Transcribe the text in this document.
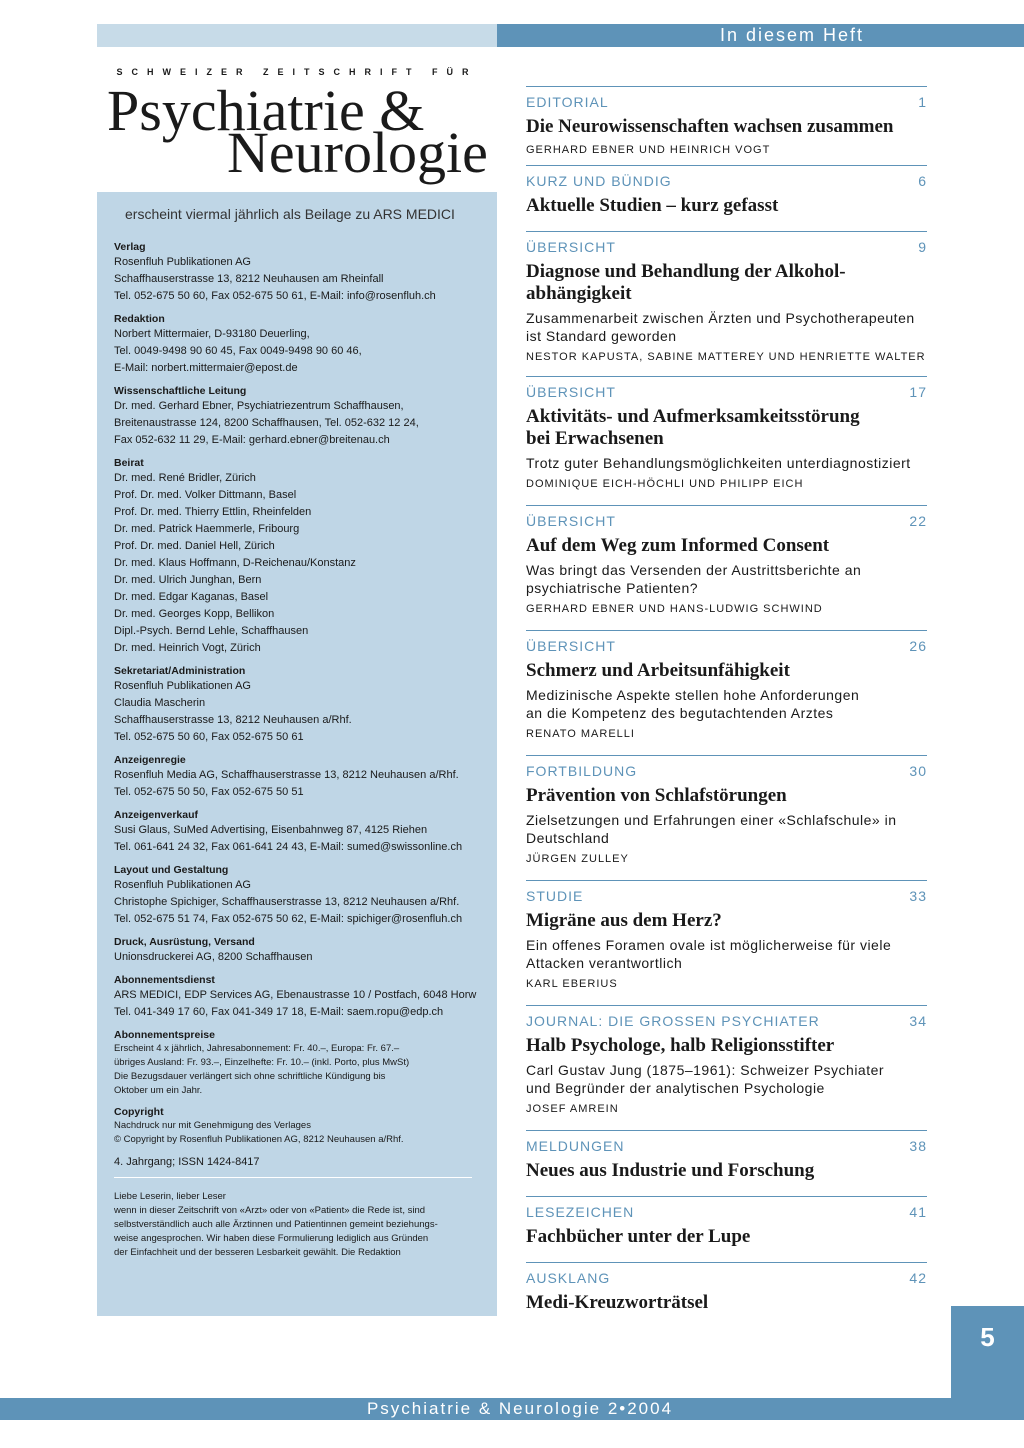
In diesem Heft
SCHWEIZER ZEITSCHRIFT FÜR
Psychiatrie &
Neurologie
erscheint viermal jährlich als Beilage zu ARS MEDICI
Verlag
Rosenfluh Publikationen AG
Schaffhauserstrasse 13, 8212 Neuhausen am Rheinfall
Tel. 052-675 50 60, Fax 052-675 50 61, E-Mail: info@rosenfluh.ch
Redaktion
Norbert Mittermaier, D-93180 Deuerling,
Tel. 0049-9498 90 60 45, Fax 0049-9498 90 60 46,
E-Mail: norbert.mittermaier@epost.de
Wissenschaftliche Leitung
Dr. med. Gerhard Ebner, Psychiatriezentrum Schaffhausen,
Breitenaustrasse 124, 8200 Schaffhausen, Tel. 052-632 12 24,
Fax 052-632 11 29, E-Mail: gerhard.ebner@breitenau.ch
Beirat
Dr. med. René Bridler, Zürich
Prof. Dr. med. Volker Dittmann, Basel
Prof. Dr. med. Thierry Ettlin, Rheinfelden
Dr. med. Patrick Haemmerle, Fribourg
Prof. Dr. med. Daniel Hell, Zürich
Dr. med. Klaus Hoffmann, D-Reichenau/Konstanz
Dr. med. Ulrich Junghan, Bern
Dr. med. Edgar Kaganas, Basel
Dr. med. Georges Kopp, Bellikon
Dipl.-Psych. Bernd Lehle, Schaffhausen
Dr. med. Heinrich Vogt, Zürich
Sekretariat/Administration
Rosenfluh Publikationen AG
Claudia Mascherin
Schaffhauserstrasse 13, 8212 Neuhausen a/Rhf.
Tel. 052-675 50 60, Fax 052-675 50 61
Anzeigenregie
Rosenfluh Media AG, Schaffhauserstrasse 13, 8212 Neuhausen a/Rhf.
Tel. 052-675 50 50, Fax 052-675 50 51
Anzeigenverkauf
Susi Glaus, SuMed Advertising, Eisenbahnweg 87, 4125 Riehen
Tel. 061-641 24 32, Fax 061-641 24 43, E-Mail: sumed@swissonline.ch
Layout und Gestaltung
Rosenfluh Publikationen AG
Christophe Spichiger, Schaffhauserstrasse 13, 8212 Neuhausen a/Rhf.
Tel. 052-675 51 74, Fax 052-675 50 62, E-Mail: spichiger@rosenfluh.ch
Druck, Ausrüstung, Versand
Unionsdruckerei AG, 8200 Schaffhausen
Abonnementsdienst
ARS MEDICI, EDP Services AG, Ebenaustrasse 10 / Postfach, 6048 Horw
Tel. 041-349 17 60, Fax 041-349 17 18, E-Mail: saem.ropu@edp.ch
Abonnementspreise
Erscheint 4 x jährlich, Jahresabonnement: Fr. 40.–, Europa: Fr. 67.–
übriges Ausland: Fr. 93.–, Einzelhefte: Fr. 10.– (inkl. Porto, plus MwSt)
Die Bezugsdauer verlängert sich ohne schriftliche Kündigung bis
Oktober um ein Jahr.
Copyright
Nachdruck nur mit Genehmigung des Verlages
© Copyright by Rosenfluh Publikationen AG, 8212 Neuhausen a/Rhf.
4. Jahrgang; ISSN 1424-8417
Liebe Leserin, lieber Leser
wenn in dieser Zeitschrift von «Arzt» oder von «Patient» die Rede ist, sind
selbstverständlich auch alle Ärztinnen und Patientinnen gemeint beziehungs-
weise angesprochen. Wir haben diese Formulierung lediglich aus Gründen
der Einfachheit und der besseren Lesbarkeit gewählt. Die Redaktion
EDITORIAL	1
Die Neurowissenschaften wachsen zusammen
GERHARD EBNER UND HEINRICH VOGT
KURZ UND BÜNDIG	6
Aktuelle Studien – kurz gefasst
ÜBERSICHT	9
Diagnose und Behandlung der Alkohol-
abhängigkeit
Zusammenarbeit zwischen Ärzten und Psychotherapeuten
ist Standard geworden
NESTOR KAPUSTA, SABINE MATTEREY UND HENRIETTE WALTER
ÜBERSICHT	17
Aktivitäts- und Aufmerksamkeitsstörung
bei Erwachsenen
Trotz guter Behandlungsmöglichkeiten unterdiagnostiziert
DOMINIQUE EICH-HÖCHLI UND PHILIPP EICH
ÜBERSICHT	22
Auf dem Weg zum Informed Consent
Was bringt das Versenden der Austrittsberichte an
psychiatrische Patienten?
GERHARD EBNER UND HANS-LUDWIG SCHWIND
ÜBERSICHT	26
Schmerz und Arbeitsunfähigkeit
Medizinische Aspekte stellen hohe Anforderungen
an die Kompetenz des begutachtenden Arztes
RENATO MARELLI
FORTBILDUNG	30
Prävention von Schlafstörungen
Zielsetzungen und Erfahrungen einer «Schlafschule» in
Deutschland
JÜRGEN ZULLEY
STUDIE	33
Migräne aus dem Herz?
Ein offenes Foramen ovale ist möglicherweise für viele
Attacken verantwortlich
KARL EBERIUS
JOURNAL: DIE GROSSEN PSYCHIATER	34
Halb Psychologe, halb Religionsstifter
Carl Gustav Jung (1875–1961): Schweizer Psychiater
und Begründer der analytischen Psychologie
JOSEF AMREIN
MELDUNGEN	38
Neues aus Industrie und Forschung
LESEZEICHEN	41
Fachbücher unter der Lupe
AUSKLANG	42
Medi-Kreuzworträtsel
5
Psychiatrie & Neurologie 2•2004
